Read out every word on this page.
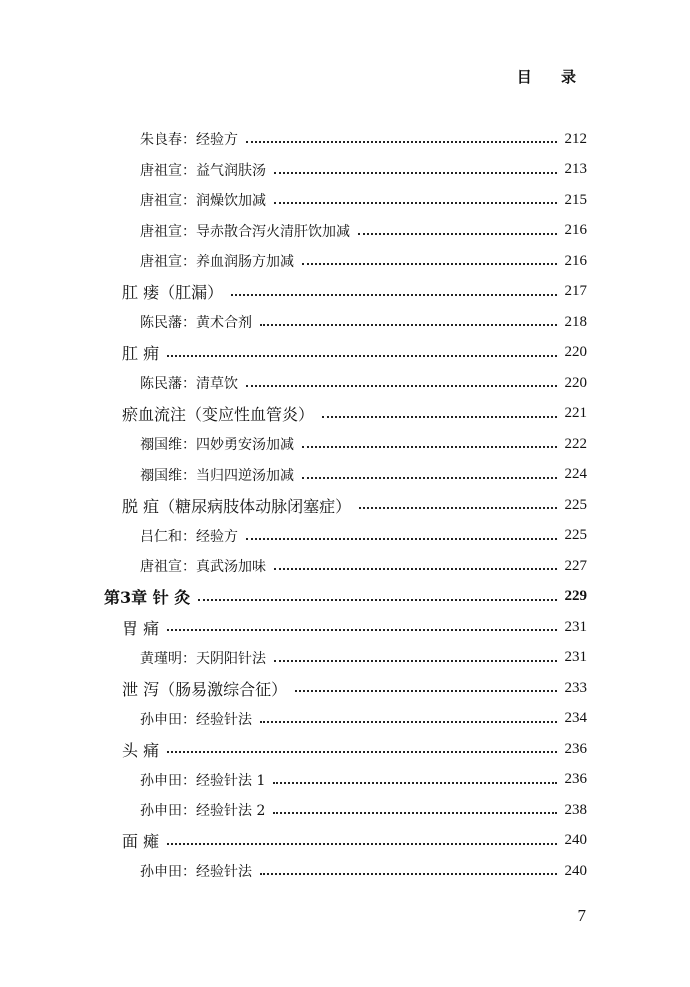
目 录
朱良春：经验方	212
唐祖宣：益气润肤汤	213
唐祖宣：润燥饮加减	215
唐祖宣：导赤散合泻火清肝饮加减	216
唐祖宣：养血润肠方加减	216
肛 瘘（肛漏）	217
陈民藩：黄术合剂	218
肛 痈	220
陈民藩：清草饮	220
瘀血流注（变应性血管炎）	221
禤国维：四妙勇安汤加减	222
禤国维：当归四逆汤加减	224
脱 疽（糖尿病肢体动脉闭塞症）	225
吕仁和：经验方	225
唐祖宣：真武汤加味	227
第3章 针 灸	229
胃 痛	231
黄瑾明：天阴阳针法	231
泄 泻（肠易激综合征）	233
孙申田：经验针法	234
头 痛	236
孙申田：经验针法 1	236
孙申田：经验针法 2	238
面 瘫	240
孙申田：经验针法	240
7
